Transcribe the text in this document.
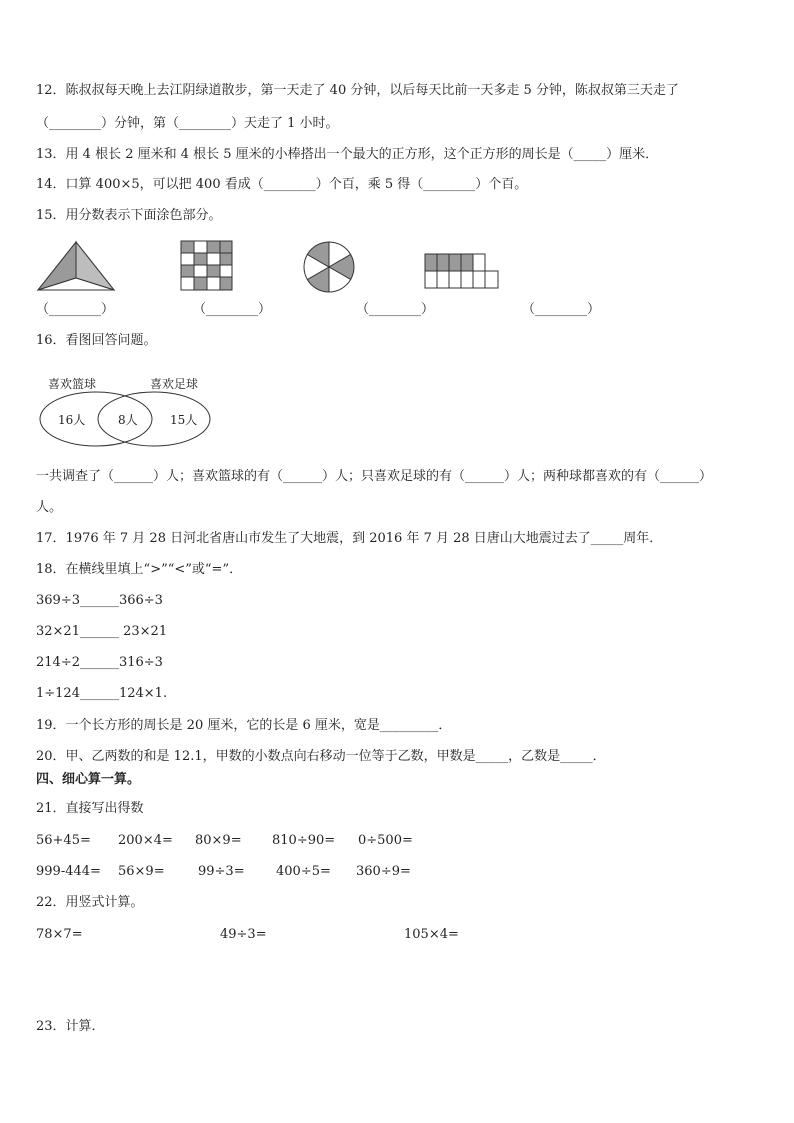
12．陈叔叔每天晚上去江阴绿道散步，第一天走了 40 分钟，以后每天比前一天多走 5 分钟，陈叔叔第三天走了
（________）分钟，第（________）天走了 1 小时。
13．用 4 根长 2 厘米和 4 根长 5 厘米的小棒搭出一个最大的正方形，这个正方形的周长是（_____）厘米．
14．口算 400×5，可以把 400 看成（________）个百，乘 5 得（________）个百。
15．用分数表示下面涂色部分。
（________）	（________）	（________）	（________）
16．看图回答问题。
喜欢篮球	喜欢足球
16人	8人	15人
一共调查了（______）人；喜欢篮球的有（______）人；只喜欢足球的有（______）人；两种球都喜欢的有（______）
人。
17．1976 年 7 月 28 日河北省唐山市发生了大地震，到 2016 年 7 月 28 日唐山大地震过去了_____周年．
18．在横线里填上“>”“<”或“=”．
369÷3______366÷3
32×21______ 23×21
214÷2______316÷3
1÷124______124×1.
19．一个长方形的周长是 20 厘米，它的长是 6 厘米，宽是_________．
20．甲、乙两数的和是 12.1，甲数的小数点向右移动一位等于乙数，甲数是_____，乙数是_____．
四、细心算一算。
21．直接写出得数
56+45= 200×4= 80×9= 810÷90= 0÷500=
999-444= 56×9=	99÷3= 400÷5= 360÷9=
22．用竖式计算。
78×7=	49÷3=	105×4=
23．计算．
